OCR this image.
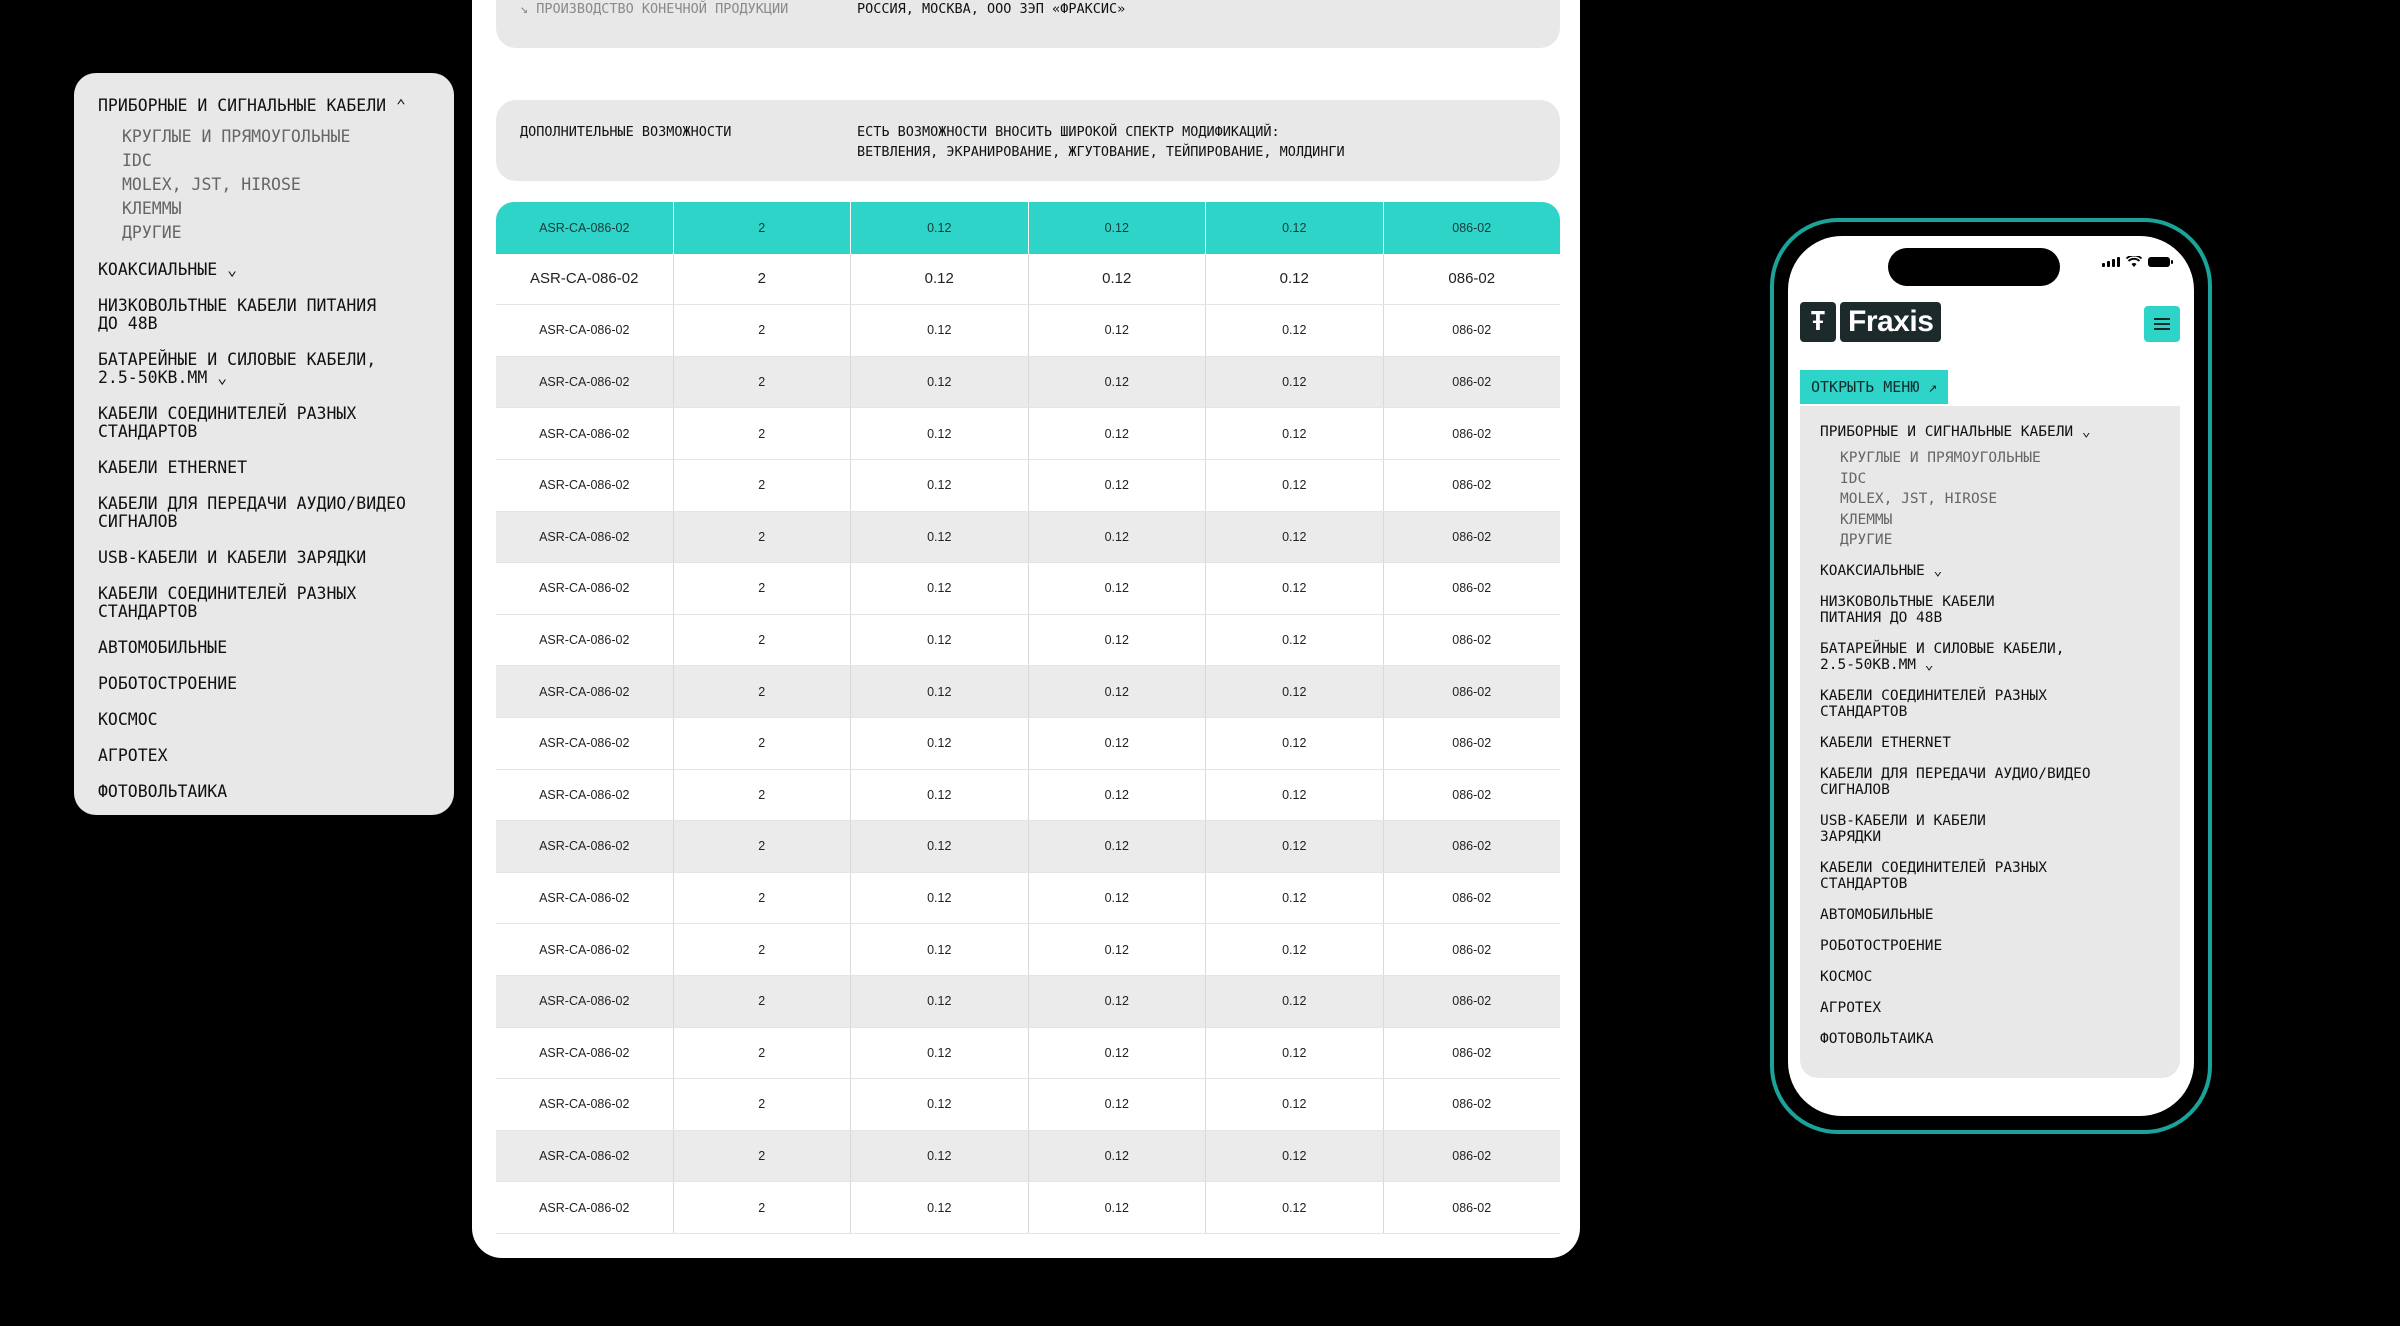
ПРИБОРНЫЕ И СИГНАЛЬНЫЕ КАБЕЛИ ⌃
КРУГЛЫЕ И ПРЯМОУГОЛЬНЫЕ
IDC
MOLEX, JST, HIROSE
КЛЕММЫ
ДРУГИЕ
КОАКСИАЛЬНЫЕ ⌄
НИЗКОВОЛЬТНЫЕ КАБЕЛИ ПИТАНИЯ
ДО 48В
БАТАРЕЙНЫЕ И СИЛОВЫЕ КАБЕЛИ,
2.5-50КВ.ММ ⌄
КАБЕЛИ СОЕДИНИТЕЛЕЙ РАЗНЫХ
СТАНДАРТОВ
КАБЕЛИ ETHERNET
КАБЕЛИ ДЛЯ ПЕРЕДАЧИ АУДИО/ВИДЕО
СИГНАЛОВ
USB-КАБЕЛИ И КАБЕЛИ ЗАРЯДКИ
КАБЕЛИ СОЕДИНИТЕЛЕЙ РАЗНЫХ
СТАНДАРТОВ
АВТОМОБИЛЬНЫЕ
РОБОТОСТРОЕНИЕ
КОСМОС
АГРОТЕХ
ФОТОВОЛЬТАИКА
↘ ПРОИЗВОДСТВО КОНЕЧНОЙ ПРОДУКЦИИ	РОССИЯ, МОСКВА, ООО ЗЭП «ФРАКСИС»
ДОПОЛНИТЕЛЬНЫЕ ВОЗМОЖНОСТИ	ЕСТЬ ВОЗМОЖНОСТИ ВНОСИТЬ ШИРОКОЙ СПЕКТР МОДИФИКАЦИЙ:
ВЕТВЛЕНИЯ, ЭКРАНИРОВАНИЕ, ЖГУТОВАНИЕ, ТЕЙПИРОВАНИЕ, МОЛДИНГИ
ASR-CA-086-02	2	0.12	0.12	0.12	086-02
ASR-CA-086-02	2	0.12	0.12	0.12	086-02
ASR-CA-086-02	2	0.12	0.12	0.12	086-02
ASR-CA-086-02	2	0.12	0.12	0.12	086-02
ASR-CA-086-02	2	0.12	0.12	0.12	086-02
ASR-CA-086-02	2	0.12	0.12	0.12	086-02
ASR-CA-086-02	2	0.12	0.12	0.12	086-02
ASR-CA-086-02	2	0.12	0.12	0.12	086-02
ASR-CA-086-02	2	0.12	0.12	0.12	086-02
ASR-CA-086-02	2	0.12	0.12	0.12	086-02
ASR-CA-086-02	2	0.12	0.12	0.12	086-02
ASR-CA-086-02	2	0.12	0.12	0.12	086-02
ASR-CA-086-02	2	0.12	0.12	0.12	086-02
ASR-CA-086-02	2	0.12	0.12	0.12	086-02
ASR-CA-086-02	2	0.12	0.12	0.12	086-02
ASR-CA-086-02	2	0.12	0.12	0.12	086-02
ASR-CA-086-02	2	0.12	0.12	0.12	086-02
ASR-CA-086-02	2	0.12	0.12	0.12	086-02
ASR-CA-086-02	2	0.12	0.12	0.12	086-02
ASR-CA-086-02	2	0.12	0.12	0.12	086-02
Ŧ Fraxis
ОТКРЫТЬ МЕНЮ ↗
ПРИБОРНЫЕ И СИГНАЛЬНЫЕ КАБЕЛИ ⌄
КРУГЛЫЕ И ПРЯМОУГОЛЬНЫЕ
IDC
MOLEX, JST, HIROSE
КЛЕММЫ
ДРУГИЕ
КОАКСИАЛЬНЫЕ ⌄
НИЗКОВОЛЬТНЫЕ КАБЕЛИ
ПИТАНИЯ ДО 48В
БАТАРЕЙНЫЕ И СИЛОВЫЕ КАБЕЛИ,
2.5-50КВ.ММ ⌄
КАБЕЛИ СОЕДИНИТЕЛЕЙ РАЗНЫХ
СТАНДАРТОВ
КАБЕЛИ ETHERNET
КАБЕЛИ ДЛЯ ПЕРЕДАЧИ АУДИО/ВИДЕО
СИГНАЛОВ
USB-КАБЕЛИ И КАБЕЛИ
ЗАРЯДКИ
КАБЕЛИ СОЕДИНИТЕЛЕЙ РАЗНЫХ
СТАНДАРТОВ
АВТОМОБИЛЬНЫЕ
РОБОТОСТРОЕНИЕ
КОСМОС
АГРОТЕХ
ФОТОВОЛЬТАИКА
